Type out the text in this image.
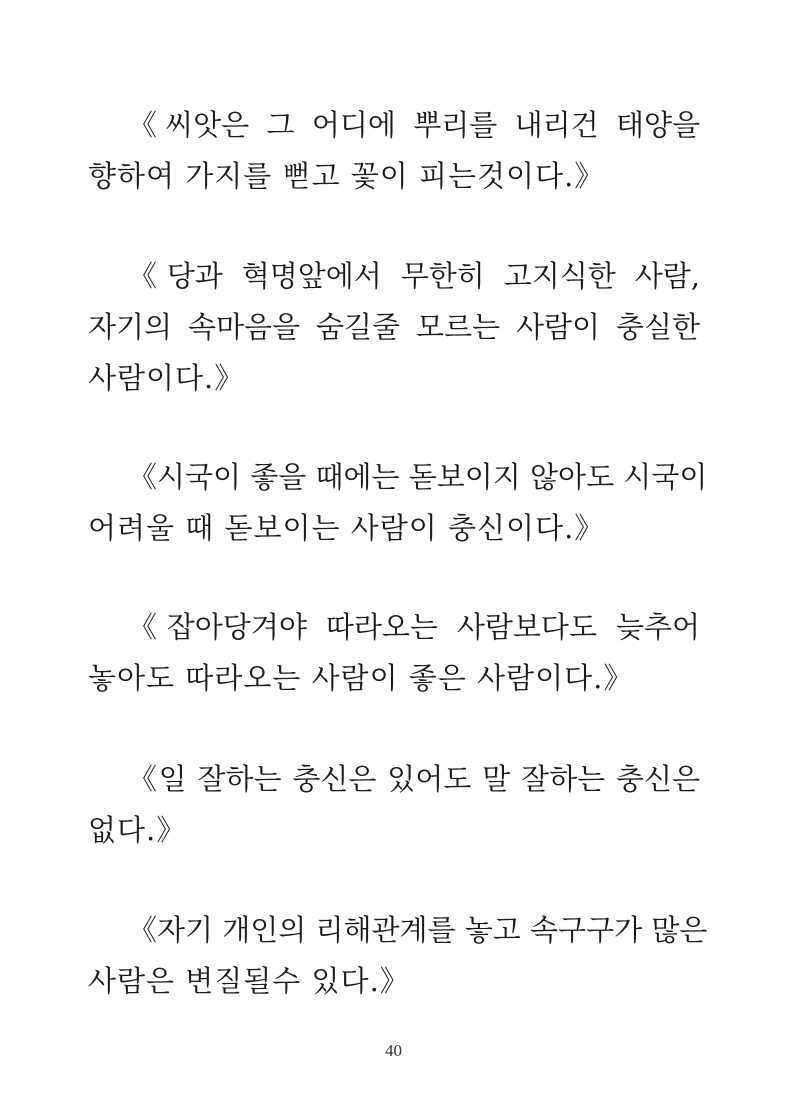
《씨앗은 그 어디에 뿌리를 내리건 태양을
향하여 가지를 뻗고 꽃이 피는것이다.》
《당과 혁명앞에서 무한히 고지식한 사람,
자기의 속마음을 숨길줄 모르는 사람이 충실한
사람이다.》
《시국이 좋을 때에는 돋보이지 않아도 시국이
어려울 때 돋보이는 사람이 충신이다.》
《잡아당겨야 따라오는 사람보다도 늦추어
놓아도 따라오는 사람이 좋은 사람이다.》
《일 잘하는 충신은 있어도 말 잘하는 충신은
없다.》
《자기 개인의 리해관계를 놓고 속구구가 많은
사람은 변질될수 있다.》
40
